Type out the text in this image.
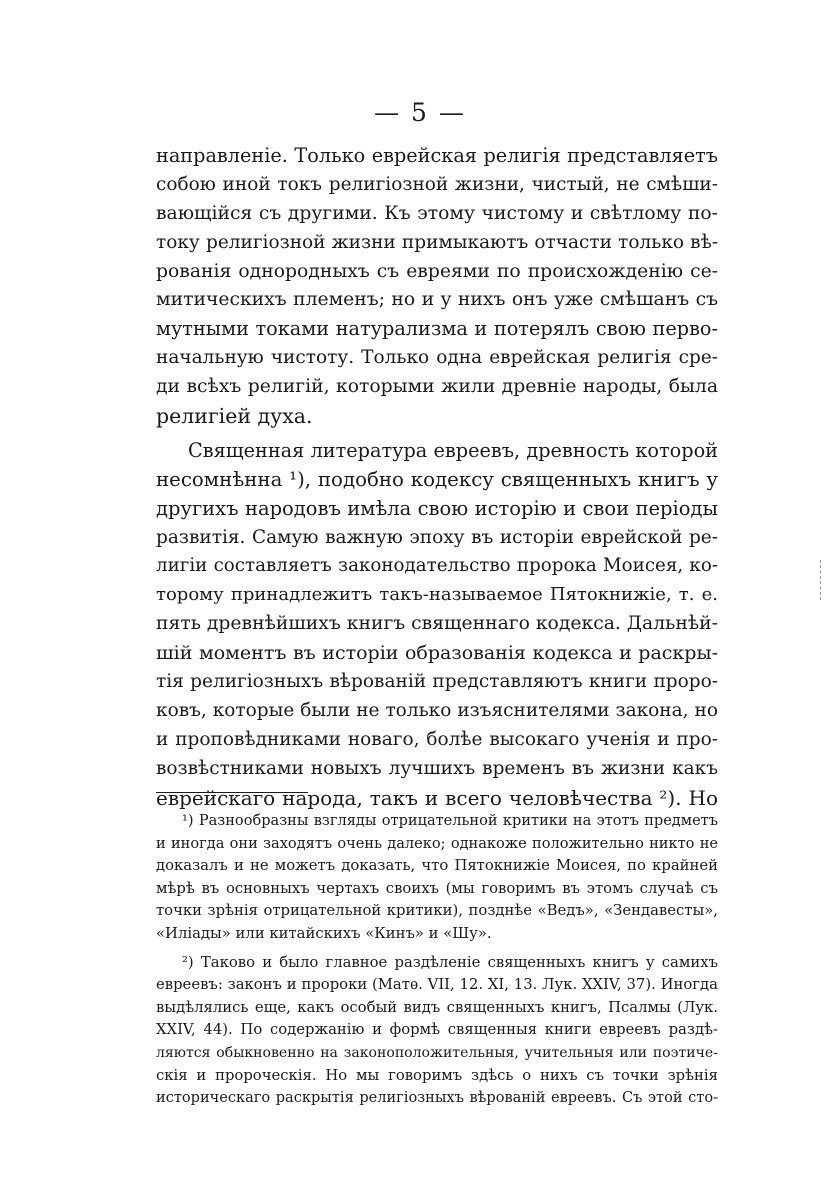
— 5 —
направленіе. Только еврейская религія представляетъ
собою иной токъ религіозной жизни, чистый, не смѣши-
вающійся съ другими. Къ этому чистому и свѣтлому по-
току религіозной жизни примыкаютъ отчасти только вѣ-
рованія однородныхъ съ евреями по происхожденію се-
митическихъ племенъ; но и у нихъ онъ уже смѣшанъ съ
мутными токами натурализма и потерялъ свою перво-
начальную чистоту. Только одна еврейская религія сре-
ди всѣхъ религій, которыми жили древніе народы, была
религіей духа.
Священная литература евреевъ, древность которой
несомнѣнна ¹), подобно кодексу священныхъ книгъ у
другихъ народовъ имѣла свою исторію и свои періоды
развитія. Самую важную эпоху въ исторіи еврейской ре-
лигіи составляетъ законодательство пророка Моисея, ко-
торому принадлежитъ такъ-называемое Пятокнижіе, т. е.
пять древнѣйшихъ книгъ священнаго кодекса. Дальнѣй-
шій моментъ въ исторіи образованія кодекса и раскры-
тія религіозныхъ вѣрованій представляютъ книги проро-
ковъ, которые были не только изъяснителями закона, но
и проповѣдниками новаго, болѣе высокаго ученія и про-
возвѣстниками новыхъ лучшихъ временъ въ жизни какъ
еврейскаго народа, такъ и всего человѣчества ²). Но
¹) Разнообразны взгляды отрицательной критики на этотъ предметъ
и иногда они заходятъ очень далеко; однакоже положительно никто не
доказалъ и не можетъ доказать, что Пятокнижіе Моисея, по крайней
мѣрѣ въ основныхъ чертахъ своихъ (мы говоримъ въ этомъ случаѣ съ
точки зрѣнія отрицательной критики), позднѣе «Ведъ», «Зендавесты»,
«Иліады» или китайскихъ «Кинъ» и «Шу».
²) Таково и было главное раздѣленіе священныхъ книгъ у самихъ
евреевъ: законъ и пророки (Матѳ. VII, 12. XI, 13. Лук. XXIV, 37). Иногда
выдѣлялись еще, какъ особый видъ священныхъ книгъ, Псалмы (Лук.
XXIV, 44). По содержанію и формѣ священныя книги евреевъ раздѣ-
ляются обыкновенно на законоположительныя, учительныя или поэтиче-
скія и пророческія. Но мы говоримъ здѣсь о нихъ съ точки зрѣнія
историческаго раскрытія религіозныхъ вѣрованій евреевъ. Съ этой сто-
